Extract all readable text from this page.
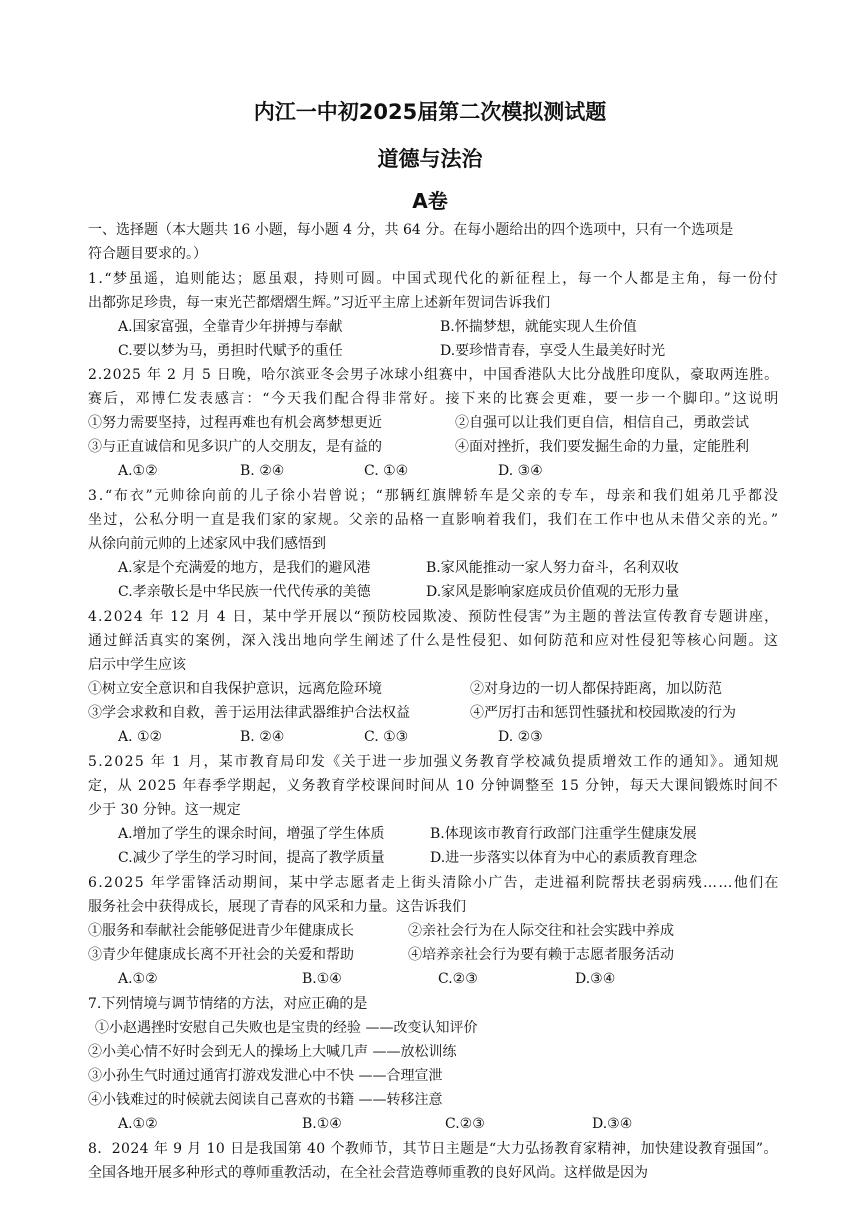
内江一中初2025届第二次模拟测试题
道德与法治
A卷
一、选择题（本大题共 16 小题，每小题 4 分，共 64 分。在每小题给出的四个选项中，只有一个选项是
符合题目要求的。）
1.“梦虽遥，追则能达；愿虽艰，持则可圆。中国式现代化的新征程上，每一个人都是主角，每一份付
出都弥足珍贵，每一束光芒都熠熠生辉。”习近平主席上述新年贺词告诉我们
A.国家富强，全靠青少年拼搏与奉献	B.怀揣梦想，就能实现人生价值
C.要以梦为马，勇担时代赋予的重任	D.要珍惜青春，享受人生最美好时光
2.2025 年 2 月 5 日晚，哈尔滨亚冬会男子冰球小组赛中，中国香港队大比分战胜印度队，豪取两连胜。
赛后，邓博仁发表感言：“今天我们配合得非常好。接下来的比赛会更难，要一步一个脚印。”这说明
①努力需要坚持，过程再难也有机会离梦想更近	②自强可以让我们更自信，相信自己，勇敢尝试
③与正直诚信和见多识广的人交朋友，是有益的	④面对挫折，我们要发掘生命的力量，定能胜利
A.①②	B. ②④	C. ①④	D. ③④
3.“布衣”元帅徐向前的儿子徐小岩曾说；“那辆红旗牌轿车是父亲的专车，母亲和我们姐弟几乎都没
坐过，公私分明一直是我们家的家规。父亲的品格一直影响着我们，我们在工作中也从未借父亲的光。”
从徐向前元帅的上述家风中我们感悟到
A.家是个充满爱的地方，是我们的避风港	B.家风能推动一家人努力奋斗，名利双收
C.孝亲敬长是中华民族一代代传承的美德	D.家风是影响家庭成员价值观的无形力量
4.2024 年 12 月 4 日，某中学开展以“预防校园欺凌、预防性侵害”为主题的普法宣传教育专题讲座，
通过鲜活真实的案例，深入浅出地向学生阐述了什么是性侵犯、如何防范和应对性侵犯等核心问题。这
启示中学生应该
①树立安全意识和自我保护意识，远离危险环境	②对身边的一切人都保持距离，加以防范
③学会求救和自救，善于运用法律武器维护合法权益	④严厉打击和惩罚性骚扰和校园欺凌的行为
A. ①②	B. ②④	C. ①③	D. ②③
5.2025 年 1 月，某市教育局印发《关于进一步加强义务教育学校减负提质增效工作的通知》。通知规
定，从 2025 年春季学期起，义务教育学校课间时间从 10 分钟调整至 15 分钟，每天大课间锻炼时间不
少于 30 分钟。这一规定
A.增加了学生的课余时间，增强了学生体质	B.体现该市教育行政部门注重学生健康发展
C.减少了学生的学习时间，提高了教学质量	D.进一步落实以体育为中心的素质教育理念
6.2025 年学雷锋活动期间，某中学志愿者走上街头清除小广告，走进福利院帮扶老弱病残……他们在
服务社会中获得成长，展现了青春的风采和力量。这告诉我们
①服务和奉献社会能够促进青少年健康成长	②亲社会行为在人际交往和社会实践中养成
③青少年健康成长离不开社会的关爱和帮助	④培养亲社会行为要有赖于志愿者服务活动
A.①②	B.①④	C.②③	D.③④
7.下列情境与调节情绪的方法，对应正确的是
①小赵遇挫时安慰自己失败也是宝贵的经验 ——改变认知评价
②小美心情不好时会到无人的操场上大喊几声 ——放松训练
③小孙生气时通过通宵打游戏发泄心中不快 ——合理宣泄
④小钱难过的时候就去阅读自己喜欢的书籍 ——转移注意
A.①②	B.①④	C.②③	D.③④
8．2024 年 9 月 10 日是我国第 40 个教师节，其节日主题是“大力弘扬教育家精神，加快建设教育强国”。
全国各地开展多种形式的尊师重教活动，在全社会营造尊师重教的良好风尚。这样做是因为
